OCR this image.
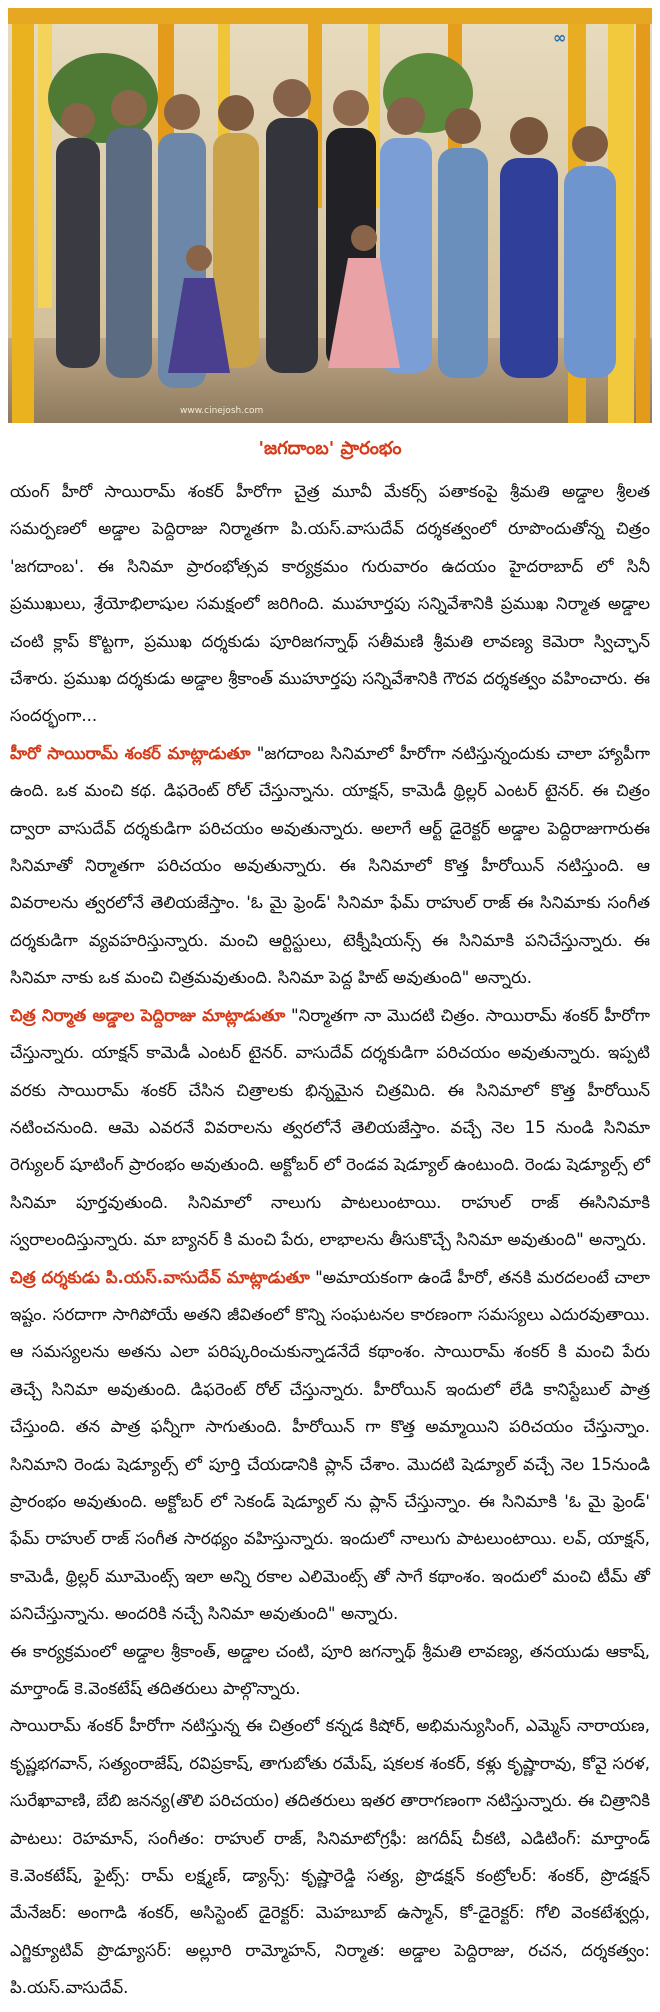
∞
www.cinejosh.com
'జగదాంబ' ప్రారంభం

యంగ్ హీరో సాయిరామ్ శంకర్ హీరోగా చైత్ర మూవీ మేకర్స్ పతాకంపై శ్రీమతి అడ్డాల శ్రీలత సమర్పణలో అడ్డాల పెద్దిరాజు నిర్మాతగా పి.యస్.వాసుదేవ్ దర్శకత్వంలో రూపొందుతోన్న చిత్రం 'జగదాంబ'. ఈ సినిమా ప్రారంభోత్సవ కార్యక్రమం గురువారం ఉదయం హైదరాబాద్ లో సినీ ప్రముఖులు, శ్రేయోభిలాషుల సమక్షంలో జరిగింది. ముహూర్తపు సన్నివేశానికి ప్రముఖ నిర్మాత అడ్డాల చంటి క్లాప్ కొట్టగా, ప్రముఖ దర్శకుడు పూరిజగన్నాథ్ సతీమణి శ్రీమతి లావణ్య కెమెరా స్విచ్ఛాన్ చేశారు. ప్రముఖ దర్శకుడు అడ్డాల శ్రీకాంత్ ముహూర్తపు సన్నివేశానికి గౌరవ దర్శకత్వం వహించారు. ఈ సందర్భంగా...

హీరో సాయిరామ్ శంకర్ మాట్లాడుతూ "జగదాంబ సినిమాలో హీరోగా నటిస్తున్నందుకు చాలా హ్యాపీగా ఉంది. ఒక మంచి కథ. డిఫరెంట్ రోల్ చేస్తున్నాను. యాక్షన్, కామెడీ థ్రిల్లర్ ఎంటర్ టైనర్. ఈ చిత్రం ద్వారా వాసుదేవ్ దర్శకుడిగా పరిచయం అవుతున్నారు. అలాగే ఆర్ట్ డైరెక్టర్ అడ్డాల పెద్దిరాజుగారుఈ సినిమాతో నిర్మాతగా పరిచయం అవుతున్నారు. ఈ సినిమాలో కొత్త హీరోయిన్ నటిస్తుంది. ఆ వివరాలను త్వరలోనే తెలియజేస్తాం. 'ఓ మై ఫ్రెండ్' సినిమా ఫేమ్ రాహుల్ రాజ్ ఈ సినిమాకు సంగీత దర్శకుడిగా వ్యవహరిస్తున్నారు. మంచి ఆర్టిస్టులు, టెక్నీషియన్స్ ఈ సినిమాకి పనిచేస్తున్నారు. ఈ సినిమా నాకు ఒక మంచి చిత్రమవుతుంది. సినిమా పెద్ద హిట్ అవుతుంది" అన్నారు.

చిత్ర నిర్మాత అడ్డాల పెద్దిరాజు మాట్లాడుతూ "నిర్మాతగా నా మొదటి చిత్రం. సాయిరామ్ శంకర్ హీరోగా చేస్తున్నారు. యాక్షన్ కామెడీ ఎంటర్ టైనర్. వాసుదేవ్ దర్శకుడిగా పరిచయం అవుతున్నారు. ఇప్పటి వరకు సాయిరామ్ శంకర్ చేసిన చిత్రాలకు భిన్నమైన చిత్రమిది. ఈ సినిమాలో కొత్త హీరోయిన్ నటించనుంది. ఆమె ఎవరనే వివరాలను త్వరలోనే తెలియజేస్తాం. వచ్చే నెల 15 నుండి సినిమా రెగ్యులర్ షూటింగ్ ప్రారంభం అవుతుంది. అక్టోబర్ లో రెండవ షెడ్యూల్ ఉంటుంది. రెండు షెడ్యూల్స్ లో సినిమా పూర్తవుతుంది. సినిమాలో నాలుగు పాటలుంటాయి. రాహుల్ రాజ్ ఈసినిమాకి స్వరాలందిస్తున్నారు. మా బ్యానర్ కి మంచి పేరు, లాభాలను తీసుకొచ్చే సినిమా అవుతుంది" అన్నారు.

చిత్ర దర్శకుడు పి.యస్.వాసుదేవ్ మాట్లాడుతూ "అమాయకంగా ఉండే హీరో, తనకి మరదలంటే చాలా ఇష్టం. సరదాగా సాగిపోయే అతని జీవితంలో కొన్ని సంఘటనల కారణంగా సమస్యలు ఎదురవుతాయి. ఆ సమస్యలను అతను ఎలా పరిష్కరించుకున్నాడనేదే కథాంశం. సాయిరామ్ శంకర్ కి మంచి పేరు తెచ్చే సినిమా అవుతుంది. డిఫరెంట్ రోల్ చేస్తున్నారు. హీరోయిన్ ఇందులో లేడి కానిస్టేబుల్ పాత్ర చేస్తుంది. తన పాత్ర ఫన్నీగా సాగుతుంది. హీరోయిన్ గా కొత్త అమ్మాయిని పరిచయం చేస్తున్నాం. సినిమాని రెండు షెడ్యూల్స్ లో పూర్తి చేయడానికి ప్లాన్ చేశాం. మొదటి షెడ్యూల్ వచ్చే నెల 15నుండి ప్రారంభం అవుతుంది. అక్టోబర్ లో సెకండ్ షెడ్యూల్ ను ప్లాన్ చేస్తున్నాం. ఈ సినిమాకి 'ఓ మై ఫ్రెండ్' ఫేమ్ రాహుల్ రాజ్ సంగీత సారథ్యం వహిస్తున్నారు. ఇందులో నాలుగు పాటలుంటాయి. లవ్, యాక్షన్, కామెడీ, థ్రిల్లర్ మూమెంట్స్ ఇలా అన్ని రకాల ఎలిమెంట్స్ తో సాగే కథాంశం. ఇందులో మంచి టీమ్ తో పనిచేస్తున్నాను. అందరికి నచ్చే సినిమా అవుతుంది" అన్నారు.

ఈ కార్యక్రమంలో అడ్డాల శ్రీకాంత్, అడ్డాల చంటి, పూరి జగన్నాథ్ శ్రీమతి లావణ్య, తనయుడు ఆకాష్, మార్తాండ్ కె.వెంకటేష్ తదితరులు పాల్గొన్నారు.

సాయిరామ్ శంకర్ హీరోగా నటిస్తున్న ఈ చిత్రంలో కన్నడ కిషోర్, అభిమన్యుసింగ్, ఎమ్మెస్ నారాయణ, కృష్ణభగవాన్, సత్యంరాజేష్, రవిప్రకాష్, తాగుబోతు రమేష్, షకలక శంకర్, కళ్లు కృష్ణారావు, కోవై సరళ, సురేఖావాణి, బేబి జనన్య(తొలి పరిచయం) తదితరులు ఇతర తారాగణంగా నటిస్తున్నారు. ఈ చిత్రానికి పాటలు: రెహమాన్, సంగీతం: రాహుల్ రాజ్, సినిమాటోగ్రఫీ: జగదీష్ చీకటి, ఎడిటింగ్: మార్తాండ్ కె.వెంకటేష్, ఫైట్స్: రామ్ లక్ష్మణ్, డ్యాన్స్: కృష్ణారెడ్డి సత్య, ప్రొడక్షన్ కంట్రోలర్: శంకర్, ప్రొడక్షన్ మేనేజర్: అంగాడి శంకర్, అసిస్టెంట్ డైరెక్టర్: మెహబూబ్ ఉస్మాన్, కో-డైరెక్టర్: గోలి వెంకటేశ్వర్లు, ఎగ్జిక్యూటివ్ ప్రొడ్యూసర్: అల్లూరి రామ్మోహన్, నిర్మాత: అడ్డాల పెద్దిరాజు, రచన, దర్శకత్వం: పి.యస్.వాసుదేవ్.
